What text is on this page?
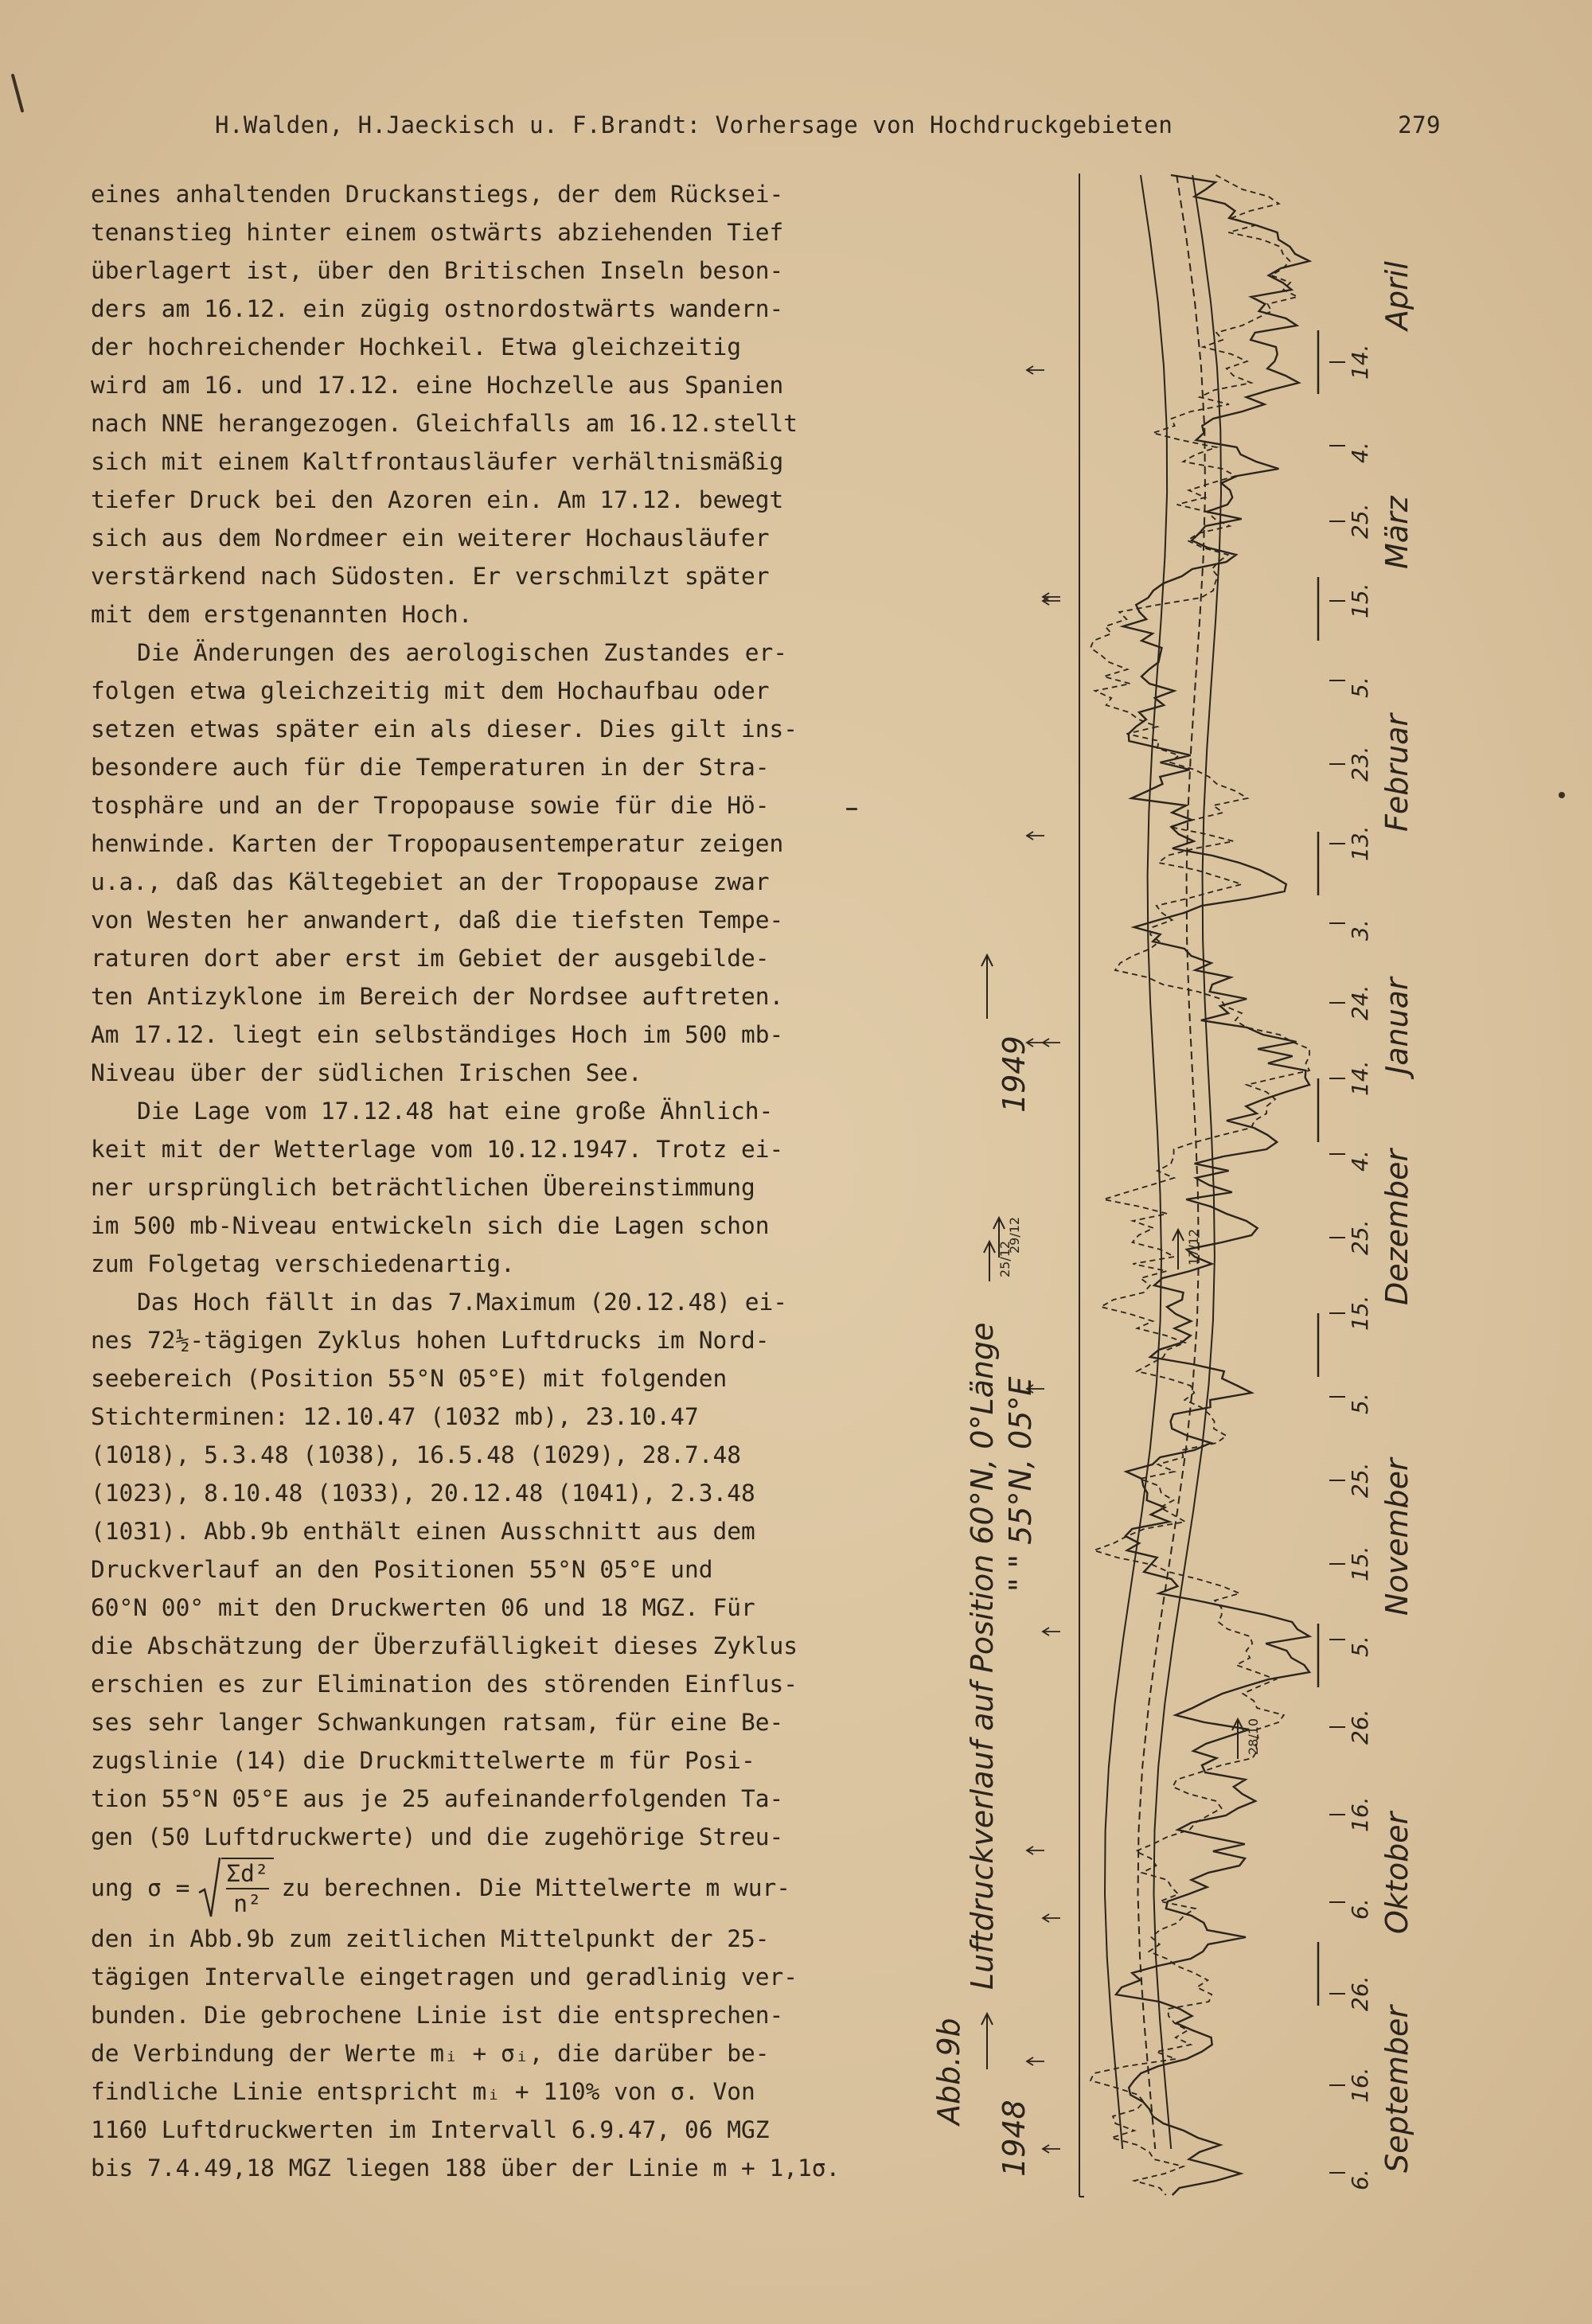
H.Walden, H.Jaeckisch u. F.Brandt: Vorhersage von Hochdruckgebieten	279
eines anhaltenden Druckanstiegs, der dem Rücksei-
tenanstieg hinter einem ostwärts abziehenden Tief
überlagert ist, über den Britischen Inseln beson-
ders am 16.12. ein zügig ostnordostwärts wandern-
der hochreichender Hochkeil. Etwa gleichzeitig
wird am 16. und 17.12. eine Hochzelle aus Spanien
nach NNE herangezogen. Gleichfalls am 16.12.stellt
sich mit einem Kaltfrontausläufer verhältnismäßig
tiefer Druck bei den Azoren ein. Am 17.12. bewegt
sich aus dem Nordmeer ein weiterer Hochausläufer
verstärkend nach Südosten. Er verschmilzt später
mit dem erstgenannten Hoch.
Die Änderungen des aerologischen Zustandes er-
folgen etwa gleichzeitig mit dem Hochaufbau oder
setzen etwas später ein als dieser. Dies gilt ins-
besondere auch für die Temperaturen in der Stra-
tosphäre und an der Tropopause sowie für die Hö-
henwinde. Karten der Tropopausentemperatur zeigen
u.a., daß das Kältegebiet an der Tropopause zwar
von Westen her anwandert, daß die tiefsten Tempe-
raturen dort aber erst im Gebiet der ausgebilde-
ten Antizyklone im Bereich der Nordsee auftreten.
Am 17.12. liegt ein selbständiges Hoch im 500 mb-
Niveau über der südlichen Irischen See.
Die Lage vom 17.12.48 hat eine große Ähnlich-
keit mit der Wetterlage vom 10.12.1947. Trotz ei-
ner ursprünglich beträchtlichen Übereinstimmung
im 500 mb-Niveau entwickeln sich die Lagen schon
zum Folgetag verschiedenartig.
Das Hoch fällt in das 7.Maximum (20.12.48) ei-
nes 72½-tägigen Zyklus hohen Luftdrucks im Nord-
seebereich (Position 55°N 05°E) mit folgenden
Stichterminen: 12.10.47 (1032 mb), 23.10.47
(1018), 5.3.48 (1038), 16.5.48 (1029), 28.7.48
(1023), 8.10.48 (1033), 20.12.48 (1041), 2.3.48
(1031). Abb.9b enthält einen Ausschnitt aus dem
Druckverlauf an den Positionen 55°N 05°E und
60°N 00° mit den Druckwerten 06 und 18 MGZ. Für
die Abschätzung der Überzufälligkeit dieses Zyklus
erschien es zur Elimination des störenden Einflus-
ses sehr langer Schwankungen ratsam, für eine Be-
zugslinie (14) die Druckmittelwerte m für Posi-
tion 55°N 05°E aus je 25 aufeinanderfolgenden Ta-
gen (50 Luftdruckwerte) und die zugehörige Streu-
ung $\sigma = \frac{\text{Σd²}}{\text{n²}}$ zu berechnen. Die Mittelwerte m wur-
den in Abb.9b zum zeitlichen Mittelpunkt der 25-
tägigen Intervalle eingetragen und geradlinig ver-
bunden. Die gebrochene Linie ist die entsprechen-
de Verbindung der Werte mᵢ + σᵢ, die darüber be-
findliche Linie entspricht mᵢ + 110% von σ. Von
1160 Luftdruckwerten im Intervall 6.9.47, 06 MGZ
bis 7.4.49,18 MGZ liegen 188 über der Linie m + 1,1σ.
Abb.9b
Luftdruckverlauf auf Position 60°N, 0°Länge " " 55°N, 05°E
1948
1949
September
Oktober
November
Dezember
Januar
Februar
März
April
6.
16.
26.
6.
16.
26.
5.
15.
25.
5.
15.
25.
4.
14.
24.
3.
13.
23.
5.
15.
25.
4.
14.
28/10
17/12
25/12
29/12
